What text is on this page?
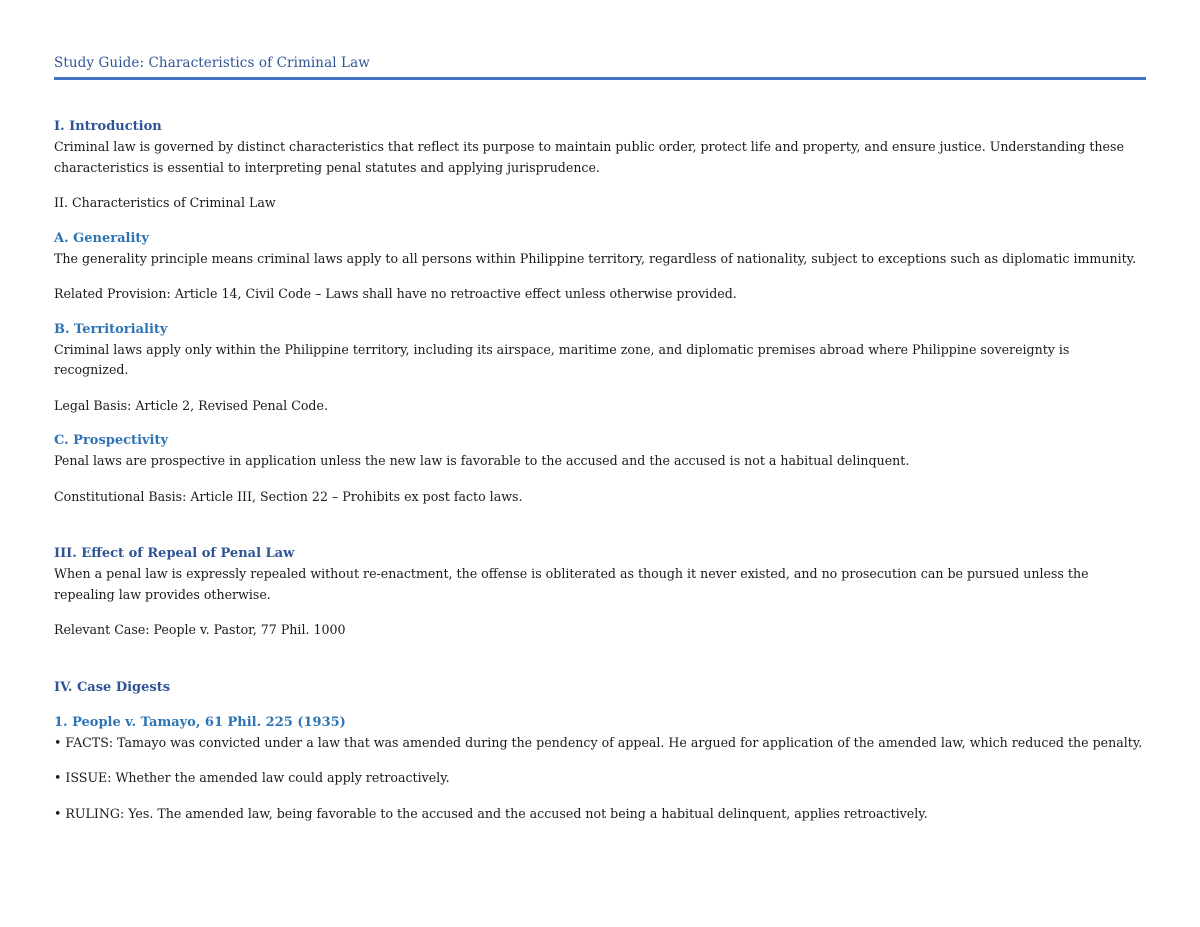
Study Guide: Characteristics of Criminal Law

I. Introduction

Criminal law is governed by distinct characteristics that reflect its purpose to maintain public order, protect life and property, and ensure justice. Understanding these characteristics is essential to interpreting penal statutes and applying jurisprudence.

II. Characteristics of Criminal Law

A. Generality

The generality principle means criminal laws apply to all persons within Philippine territory, regardless of nationality, subject to exceptions such as diplomatic immunity.

Related Provision: Article 14, Civil Code – Laws shall have no retroactive effect unless otherwise provided.

B. Territoriality

Criminal laws apply only within the Philippine territory, including its airspace, maritime zone, and diplomatic premises abroad where Philippine sovereignty is recognized.

Legal Basis: Article 2, Revised Penal Code.

C. Prospectivity

Penal laws are prospective in application unless the new law is favorable to the accused and the accused is not a habitual delinquent.

Constitutional Basis: Article III, Section 22 – Prohibits ex post facto laws.

III. Effect of Repeal of Penal Law

When a penal law is expressly repealed without re-enactment, the offense is obliterated as though it never existed, and no prosecution can be pursued unless the repealing law provides otherwise.

Relevant Case: People v. Pastor, 77 Phil. 1000

IV. Case Digests

1. People v. Tamayo, 61 Phil. 225 (1935)

• FACTS: Tamayo was convicted under a law that was amended during the pendency of appeal. He argued for application of the amended law, which reduced the penalty.

• ISSUE: Whether the amended law could apply retroactively.

• RULING: Yes. The amended law, being favorable to the accused and the accused not being a habitual delinquent, applies retroactively.
